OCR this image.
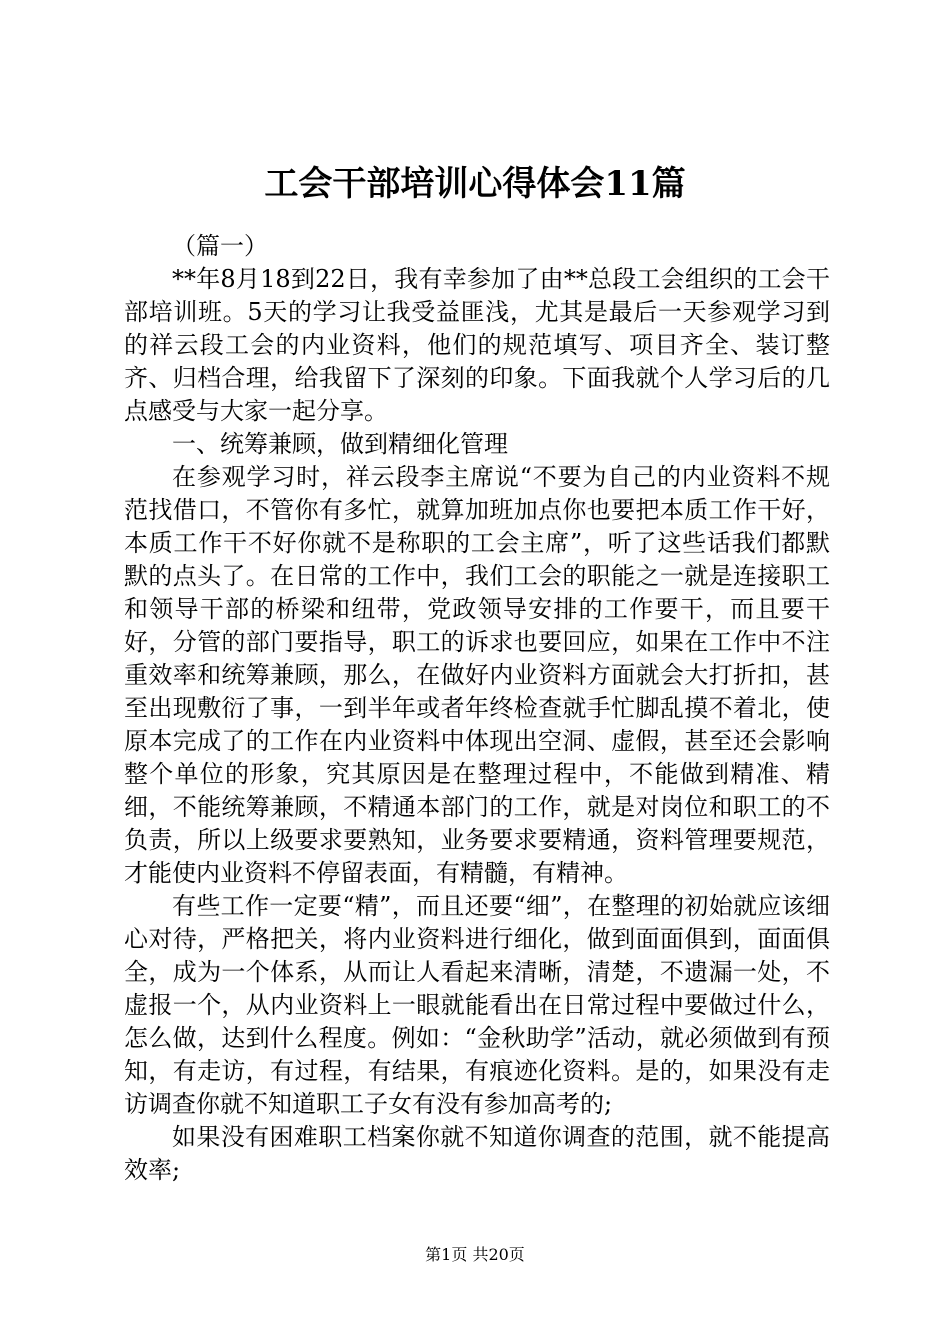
工会干部培训心得体会11篇

（篇一）

**年8月18到22日，我有幸参加了由**总段工会组织的工会干部培训班。5天的学习让我受益匪浅，尤其是最后一天参观学习到的祥云段工会的内业资料，他们的规范填写、项目齐全、装订整齐、归档合理，给我留下了深刻的印象。下面我就个人学习后的几点感受与大家一起分享。

一、统筹兼顾，做到精细化管理

在参观学习时，祥云段李主席说“不要为自己的内业资料不规范找借口，不管你有多忙，就算加班加点你也要把本质工作干好，本质工作干不好你就不是称职的工会主席”，听了这些话我们都默默的点头了。在日常的工作中，我们工会的职能之一就是连接职工和领导干部的桥梁和纽带，党政领导安排的工作要干，而且要干好，分管的部门要指导，职工的诉求也要回应，如果在工作中不注重效率和统筹兼顾，那么，在做好内业资料方面就会大打折扣，甚至出现敷衍了事，一到半年或者年终检查就手忙脚乱摸不着北，使原本完成了的工作在内业资料中体现出空洞、虚假，甚至还会影响整个单位的形象，究其原因是在整理过程中，不能做到精准、精细，不能统筹兼顾，不精通本部门的工作，就是对岗位和职工的不负责，所以上级要求要熟知，业务要求要精通，资料管理要规范，才能使内业资料不停留表面，有精髓，有精神。

有些工作一定要“精”，而且还要“细”，在整理的初始就应该细心对待，严格把关，将内业资料进行细化，做到面面俱到，面面俱全，成为一个体系，从而让人看起来清晰，清楚，不遗漏一处，不虚报一个，从内业资料上一眼就能看出在日常过程中要做过什么，怎么做，达到什么程度。例如：“金秋助学”活动，就必须做到有预知，有走访，有过程，有结果，有痕迹化资料。是的，如果没有走访调查你就不知道职工子女有没有参加高考的;

如果没有困难职工档案你就不知道你调查的范围，就不能提高效率;

第1页 共20页
